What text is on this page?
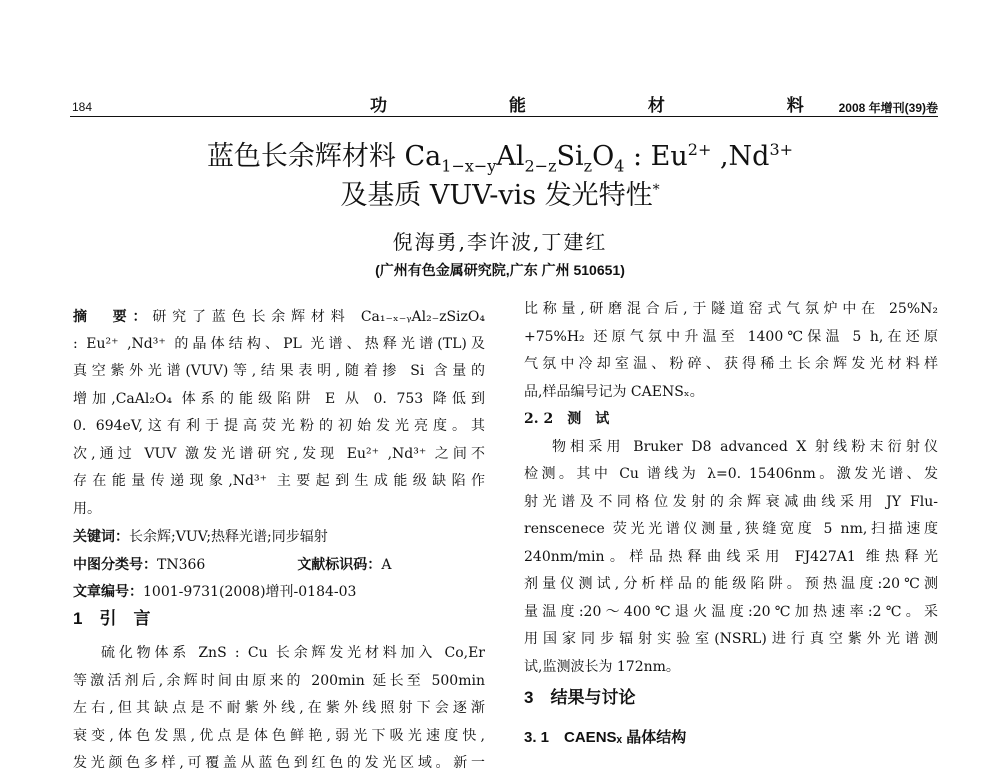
184	功 能 材 料
2008 年增刊(39)卷
蓝色长余辉材料 $Ca_{1-x-y}Al_{2-z}Si_zO_4$ : $Eu^{2+}$ $,Nd^{3+}$
及基质 VUV-vis 发光特性*
倪海勇,李许波,丁建红
(广州有色金属研究院,广东 广州 510651)
摘　要：研究了蓝色长余辉材料 Ca₁₋ₓ₋ᵧAl₂₋zSizO₄
: Eu²⁺ ,Nd³⁺ 的晶体结构、PL 光谱、热释光谱(TL)及
真空紫外光谱(VUV)等,结果表明,随着掺 Si 含量的
增加,CaAl₂O₄ 体系的能级陷阱 E 从 0. 753 降低到
0. 694eV,这有利于提高荧光粉的初始发光亮度。其
次,通过 VUV 激发光谱研究,发现 Eu²⁺ ,Nd³⁺ 之间不
存在能量传递现象,Nd³⁺ 主要起到生成能级缺陷作
用。
关键词：长余辉;VUV;热释光谱;同步辐射
中图分类号：TN366	文献标识码：A
文章编号：1001-9731(2008)增刊-0184-03
1　引　言
硫化物体系 ZnS : Cu 长余辉发光材料加入 Co,Er
等激活剂后,余辉时间由原来的 200min 延长至 500min
左右,但其缺点是不耐紫外线,在紫外线照射下会逐渐
衰变,体色发黑,优点是体色鲜艳,弱光下吸光速度快,
发光颜色多样,可覆盖从蓝色到红色的发光区域。新一
比称量,研磨混合后,于隧道窑式气氛炉中在 25%N₂
+75%H₂ 还原气氛中升温至 1400℃保温 5 h,在还原
气氛中冷却室温、粉碎、获得稀土长余辉发光材料样
品,样品编号记为 CAENSₓ。
2. 2　测　试
物相采用 Bruker D8 advanced X 射线粉末衍射仪
检测。其中 Cu 谱线为 λ=0. 15406nm。激发光谱、发
射光谱及不同格位发射的余辉衰减曲线采用 JY Flu-
renscenece 荧光光谱仪测量,狭缝宽度 5 nm,扫描速度
240nm/min。样品热释曲线采用 FJ427A1 维热释光
剂量仪测试,分析样品的能级陷阱。预热温度:20℃测
量温度:20～400℃退火温度:20℃加热速率:2℃。采
用国家同步辐射实验室(NSRL)进行真空紫外光谱测
试,监测波长为 172nm。
3　结果与讨论
3. 1　CAENSₓ 晶体结构
